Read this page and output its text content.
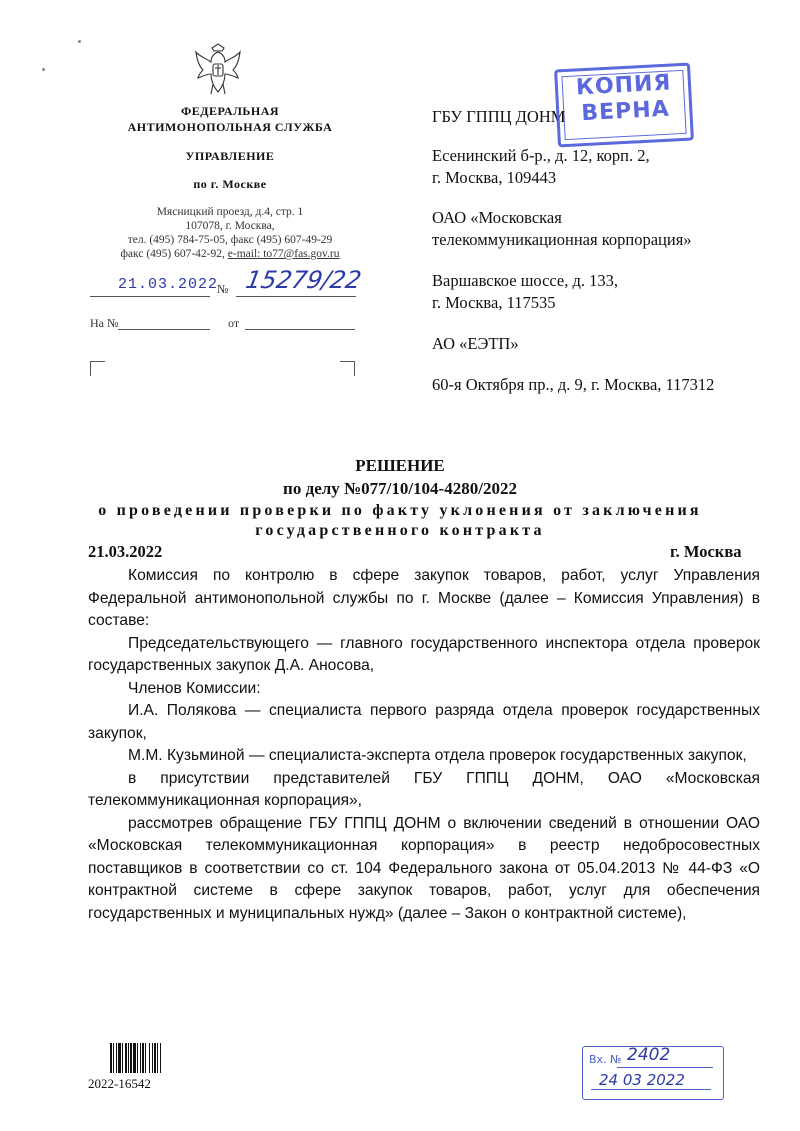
ФЕДЕРАЛЬНАЯ
АНТИМОНОПОЛЬНАЯ СЛУЖБА
УПРАВЛЕНИЕ
по г. Москве
Мясницкий проезд, д.4, стр. 1
107078, г. Москва,
тел. (495) 784-75-05, факс (495) 607-49-29
факс (495) 607-42-92, e-mail: to77@fas.gov.ru
21.03.2022
№ 15279/22
На №	от
ГБУ ГППЦ ДОНМ
Есенинский б-р., д. 12, корп. 2,
г. Москва, 109443
ОАО «Московская
телекоммуникационная корпорация»
Варшавское шоссе, д. 133,
г. Москва, 117535
АО «ЕЭТП»
60-я Октября пр., д. 9, г. Москва, 117312
КОПИЯ
ВЕРНА
РЕШЕНИЕ
по делу №077/10/104-4280/2022
о проведении проверки по факту уклонения от заключения
государственного контракта
21.03.2022	г. Москва

Комиссия по контролю в сфере закупок товаров, работ, услуг Управления Федеральной антимонопольной службы по г. Москве (далее – Комиссия Управления) в составе:

Председательствующего — главного государственного инспектора отдела проверок государственных закупок Д.А. Аносова,

Членов Комиссии:

И.А. Полякова — специалиста первого разряда отдела проверок государственных закупок,

М.М. Кузьминой — специалиста-эксперта отдела проверок государственных закупок,

в присутствии представителей ГБУ ГППЦ ДОНМ, ОАО «Московская телекоммуникационная корпорация»,

рассмотрев обращение ГБУ ГППЦ ДОНМ о включении сведений в отношении ОАО «Московская телекоммуникационная корпорация» в реестр недобросовестных поставщиков в соответствии со ст. 104 Федерального закона от 05.04.2013 № 44-ФЗ «О контрактной системе в сфере закупок товаров, работ, услуг для обеспечения государственных и муниципальных нужд» (далее – Закон о контрактной системе),

2022-16542
Вх. № 2402
24 03 2022
